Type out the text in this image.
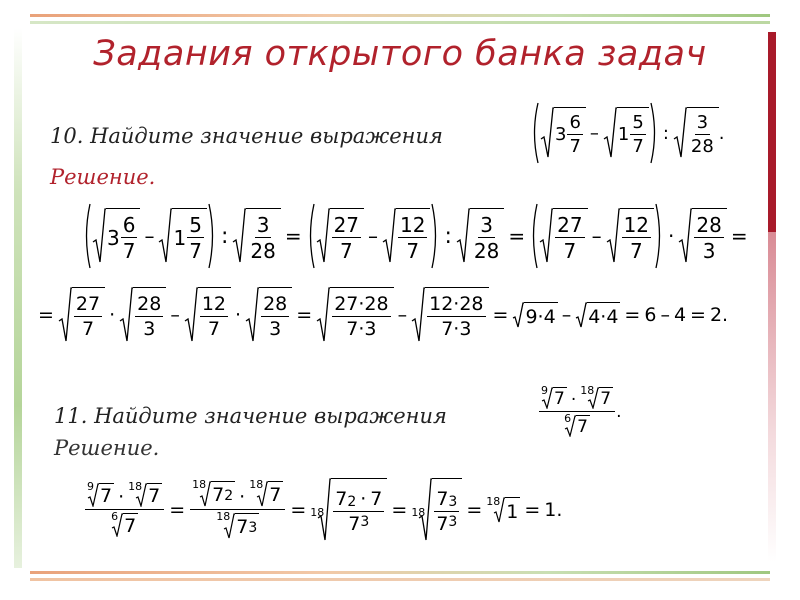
Задания открытого банка задач
10. Найдите значение выражения	$3 \frac{6}{7} - 1 \frac{5}{7}$ : $\frac{3}{28}$ .
Решение.
$3 \frac{6}{7} - 1 \frac{5}{7}$ : $\frac{3}{28} = \frac{27}{7} - \frac{12}{7}$ : $\frac{3}{28} = \frac{27}{7} - \frac{12}{7} \cdot \frac{28}{3}$ =
= $\frac{27}{7} \cdot \frac{28}{3} - \frac{12}{7} \cdot \frac{28}{3} = \frac{27 \cdot 28}{7 \cdot 3} - \frac{12 \cdot 28}{7 \cdot 3} = 9 \cdot 4 - 4 \cdot 4 = 6 - 4 = 2$.
11. Найдите значение выражения
9 7 · 18 7
6 7
.
Решение.
9 7 · 18 7
6 7
=
18 7 2 ·
18 7
18 7 3
= $18 \frac{7 2 \cdot 7}{7 3} = 18 \frac{7 3}{7 3} = 18$ 1 = 1.
